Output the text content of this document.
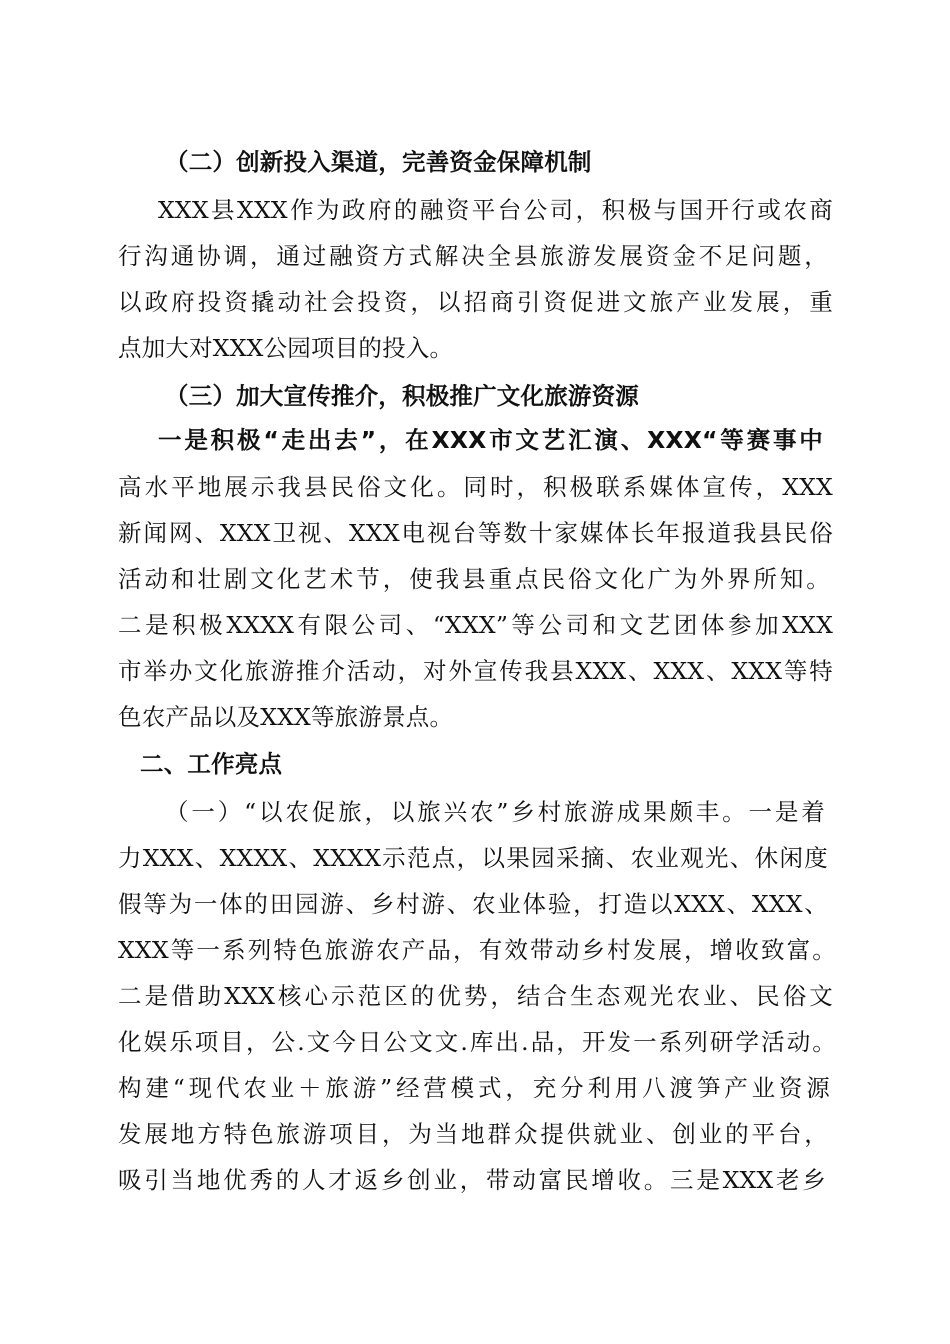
（二）创新投入渠道，完善资金保障机制
XXX县XXX作为政府的融资平台公司，积极与国开行或农商
行沟通协调，通过融资方式解决全县旅游发展资金不足问题，
以政府投资撬动社会投资，以招商引资促进文旅产业发展，重
点加大对XXX公园项目的投入。
（三）加大宣传推介，积极推广文化旅游资源
一是积极“走出去”，在XXX市文艺汇演、XXX“等赛事中
高水平地展示我县民俗文化。同时，积极联系媒体宣传，XXX
新闻网、XXX卫视、XXX电视台等数十家媒体长年报道我县民俗
活动和壮剧文化艺术节，使我县重点民俗文化广为外界所知。
二是积极XXXX有限公司、“XXX”等公司和文艺团体参加XXX
市举办文化旅游推介活动，对外宣传我县XXX、XXX、XXX等特
色农产品以及XXX等旅游景点。
二、工作亮点
（一）“以农促旅，以旅兴农”乡村旅游成果颇丰。一是着
力XXX、XXXX、XXXX示范点，以果园采摘、农业观光、休闲度
假等为一体的田园游、乡村游、农业体验，打造以XXX、XXX、
XXX等一系列特色旅游农产品，有效带动乡村发展，增收致富。
二是借助XXX核心示范区的优势，结合生态观光农业、民俗文
化娱乐项目，公.文今日公文文.库出.品，开发一系列研学活动。
构建“现代农业＋旅游”经营模式，充分利用八渡笋产业资源
发展地方特色旅游项目，为当地群众提供就业、创业的平台，
吸引当地优秀的人才返乡创业，带动富民增收。三是XXX老乡
